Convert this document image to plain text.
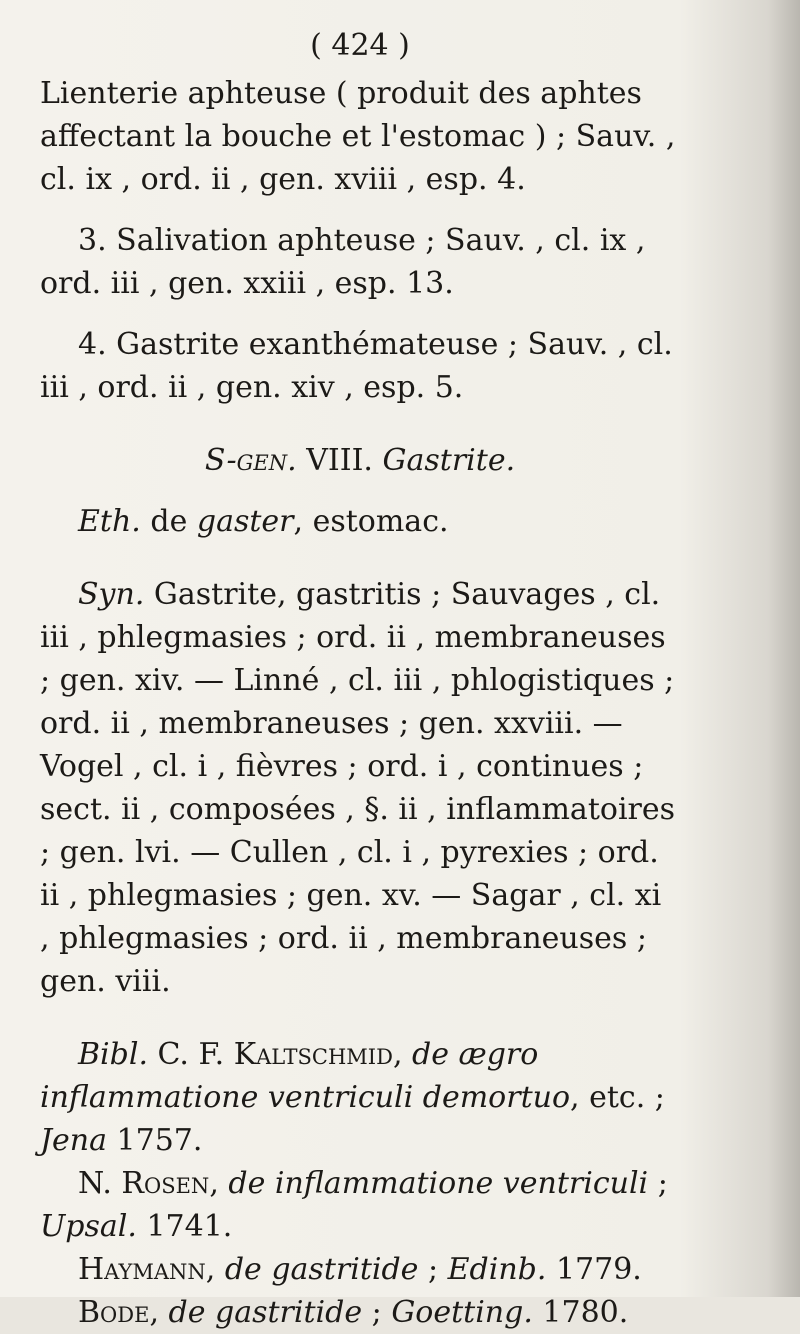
( 424 )

Lienterie aphteuse ( produit des aphtes affectant la bouche et l'estomac ) ; Sauv. , cl. ix , ord. ii , gen. xviii , esp. 4.

3. Salivation aphteuse ; Sauv. , cl. ix , ord. iii , gen. xxiii , esp. 13.

4. Gastrite exanthémateuse ; Sauv. , cl. iii , ord. ii , gen. xiv , esp. 5.

S-gen. VIII. Gastrite.

Eth. de gaster, estomac.

Syn. Gastrite, gastritis ; Sauvages , cl. iii , phlegmasies ; ord. ii , membraneuses ; gen. xiv. — Linné , cl. iii , phlogistiques ; ord. ii , membraneuses ; gen. xxviii. — Vogel , cl. i , fièvres ; ord. i , continues ; sect. ii , composées , §. ii , inflammatoires ; gen. lvi. — Cullen , cl. i , pyrexies ; ord. ii , phlegmasies ; gen. xv. — Sagar , cl. xi , phlegmasies ; ord. ii , membraneuses ; gen. viii.

Bibl. C. F. Kaltschmid, de ægro inflammatione ventriculi demortuo, etc. ; Jena 1757.

N. Rosen, de inflammatione ventriculi ; Upsal. 1741.

Haymann, de gastritide ; Edinb. 1779.

Bode, de gastritide ; Goetting. 1780.
